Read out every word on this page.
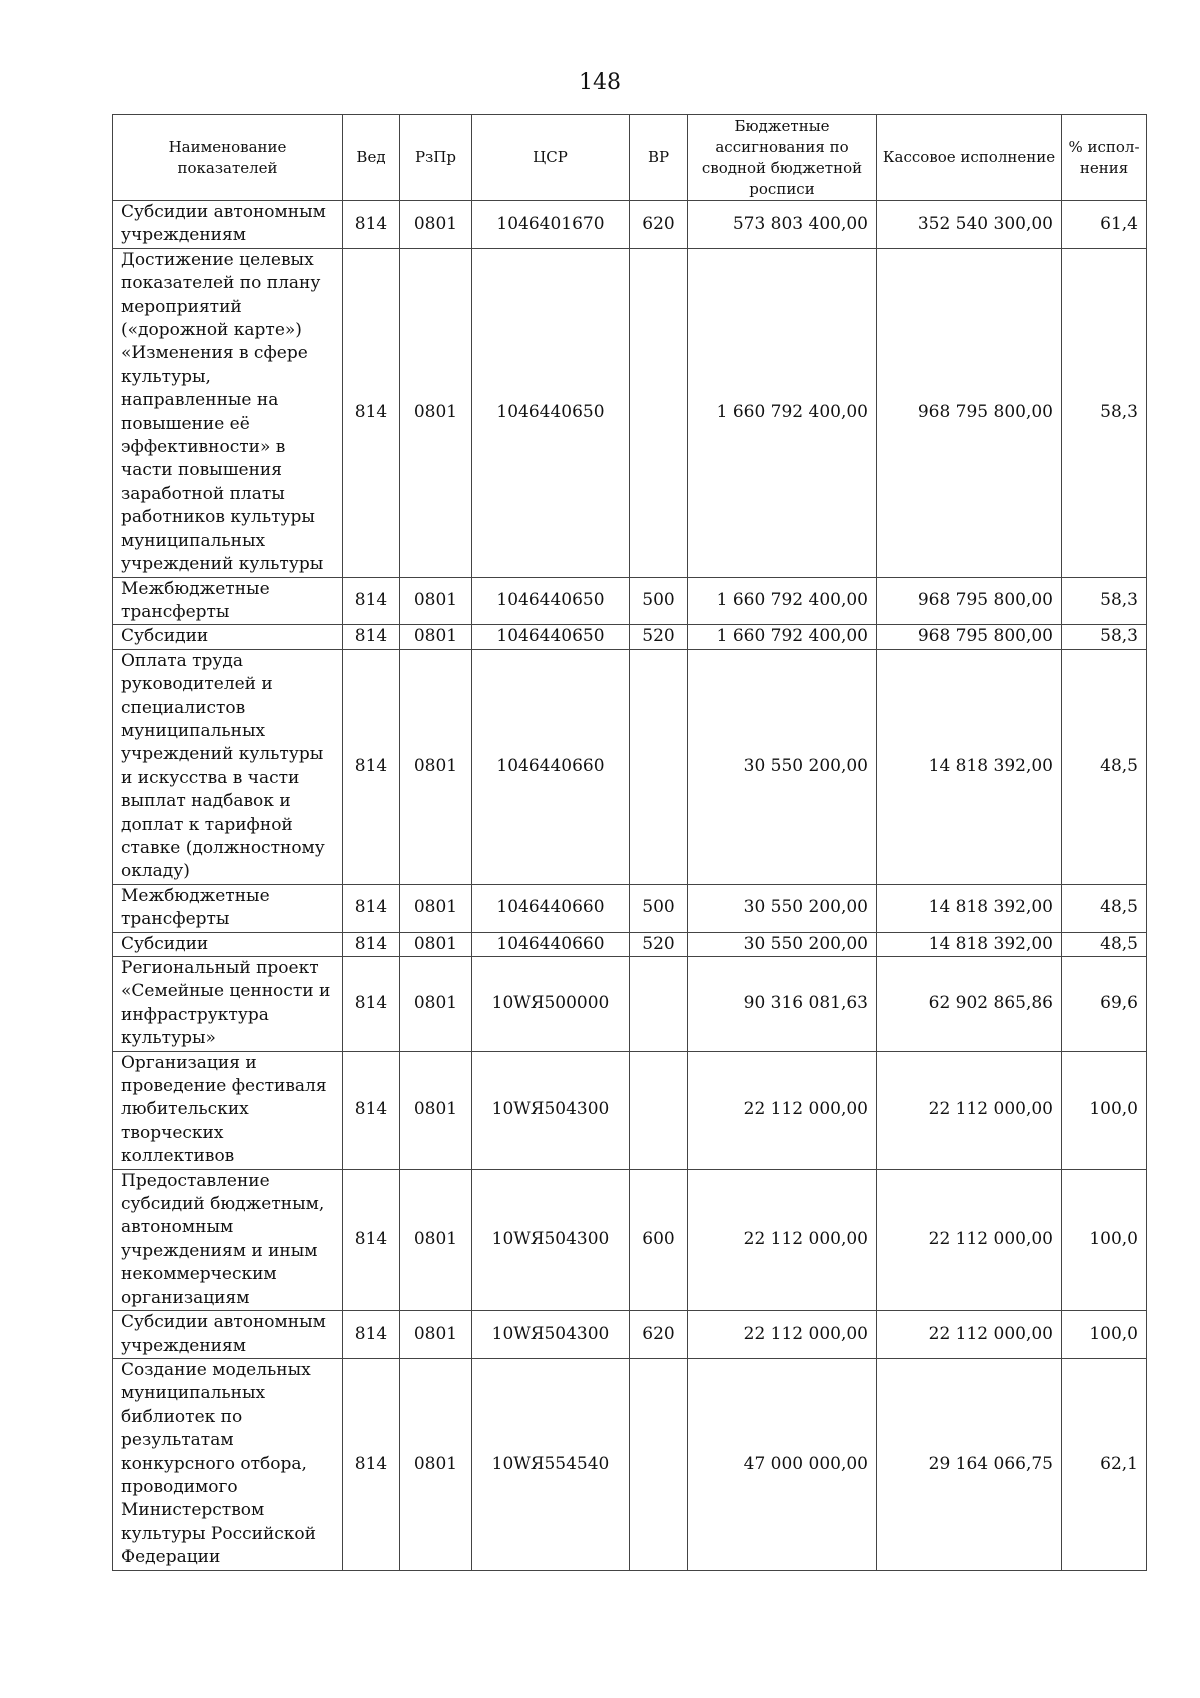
148
Наименование показателей	Вед	РзПр	ЦСР	ВР	Бюджетные ассигнования по сводной бюджетной росписи	Кассовое исполнение	% испол-нения
Субсидии автономным учреждениям	814	0801	1046401670	620	573 803 400,00	352 540 300,00	61,4
Достижение целевых показателей по плану мероприятий («дорожной карте») «Изменения в сфере культуры, направленные на повышение её эффективности» в части повышения заработной платы работников культуры муниципальных учреждений культуры	814	0801	1046440650		1 660 792 400,00	968 795 800,00	58,3
Межбюджетные трансферты	814	0801	1046440650	500	1 660 792 400,00	968 795 800,00	58,3
Субсидии	814	0801	1046440650	520	1 660 792 400,00	968 795 800,00	58,3
Оплата труда руководителей и специалистов муниципальных учреждений культуры и искусства в части выплат надбавок и доплат к тарифной ставке (должностному окладу)	814	0801	1046440660		30 550 200,00	14 818 392,00	48,5
Межбюджетные трансферты	814	0801	1046440660	500	30 550 200,00	14 818 392,00	48,5
Субсидии	814	0801	1046440660	520	30 550 200,00	14 818 392,00	48,5
Региональный проект «Семейные ценности и инфраструктура культуры»	814	0801	10WЯ500000		90 316 081,63	62 902 865,86	69,6
Организация и проведение фестиваля любительских творческих коллективов	814	0801	10WЯ504300		22 112 000,00	22 112 000,00	100,0
Предоставление субсидий бюджетным, автономным учреждениям и иным некоммерческим организациям	814	0801	10WЯ504300	600	22 112 000,00	22 112 000,00	100,0
Субсидии автономным учреждениям	814	0801	10WЯ504300	620	22 112 000,00	22 112 000,00	100,0
Создание модельных муниципальных библиотек по результатам конкурсного отбора, проводимого Министерством культуры Российской Федерации	814	0801	10WЯ554540		47 000 000,00	29 164 066,75	62,1
